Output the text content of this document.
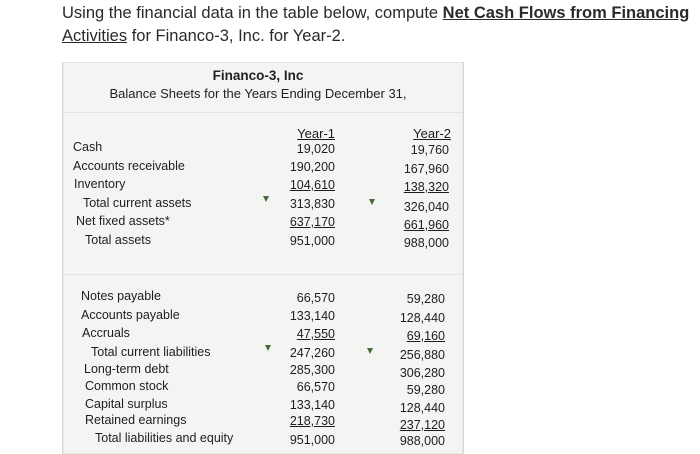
Using the financial data in the table below, compute Net Cash Flows from Financing
Activities for Financo-3, Inc. for Year-2.
Financo-3, Inc
Balance Sheets for the Years Ending December 31,
Year-1	Year-2
Cash	19,020	19,760
Accounts receivable	190,200	167,960
Inventory	104,610	138,320
Total current assets	313,830	326,040
Net fixed assets*	637,170	661,960
Total assets	951,000	988,000
Notes payable	66,570	59,280
Accounts payable	133,140	128,440
Accruals	47,550	69,160
Total current liabilities	247,260	256,880
Long-term debt	285,300	306,280
Common stock	66,570	59,280
Capital surplus	133,140	128,440
Retained earnings	218,730	237,120
Total liabilities and equity	951,000	988,000
